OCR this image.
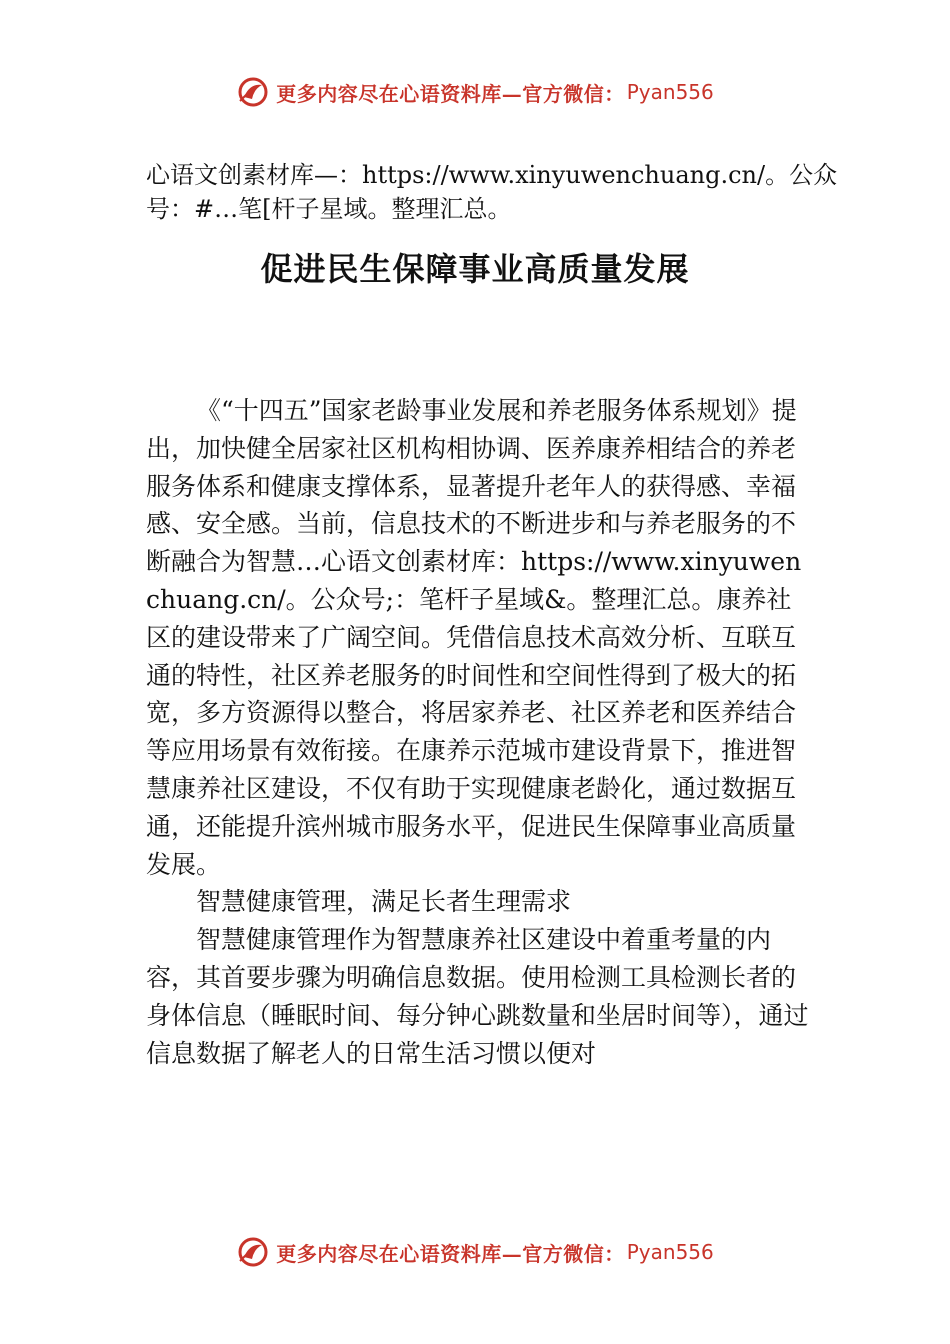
更多内容尽在心语资料库—官方微信： Pyan556
心语文创素材库—：https://www.xinyuwenchuang.cn/。公众号：#…笔[杆子星域。整理汇总。
促进民生保障事业高质量发展

《“十四五”国家老龄事业发展和养老服务体系规划》提出，加快健全居家社区机构相协调、医养康养相结合的养老服务体系和健康支撑体系，显著提升老年人的获得感、幸福感、安全感。当前，信息技术的不断进步和与养老服务的不断融合为智慧…心语文创素材库：https://www.xinyuwenchuang.cn/。公众号;：笔杆子星域&。整理汇总。康养社区的建设带来了广阔空间。凭借信息技术高效分析、互联互通的特性，社区养老服务的时间性和空间性得到了极大的拓宽，多方资源得以整合，将居家养老、社区养老和医养结合等应用场景有效衔接。在康养示范城市建设背景下，推进智慧康养社区建设，不仅有助于实现健康老龄化，通过数据互通，还能提升滨州城市服务水平，促进民生保障事业高质量发展。

智慧健康管理，满足长者生理需求

智慧健康管理作为智慧康养社区建设中着重考量的内容，其首要步骤为明确信息数据。使用检测工具检测长者的身体信息（睡眠时间、每分钟心跳数量和坐居时间等），通过信息数据了解老人的日常生活习惯以便对

更多内容尽在心语资料库—官方微信： Pyan556
